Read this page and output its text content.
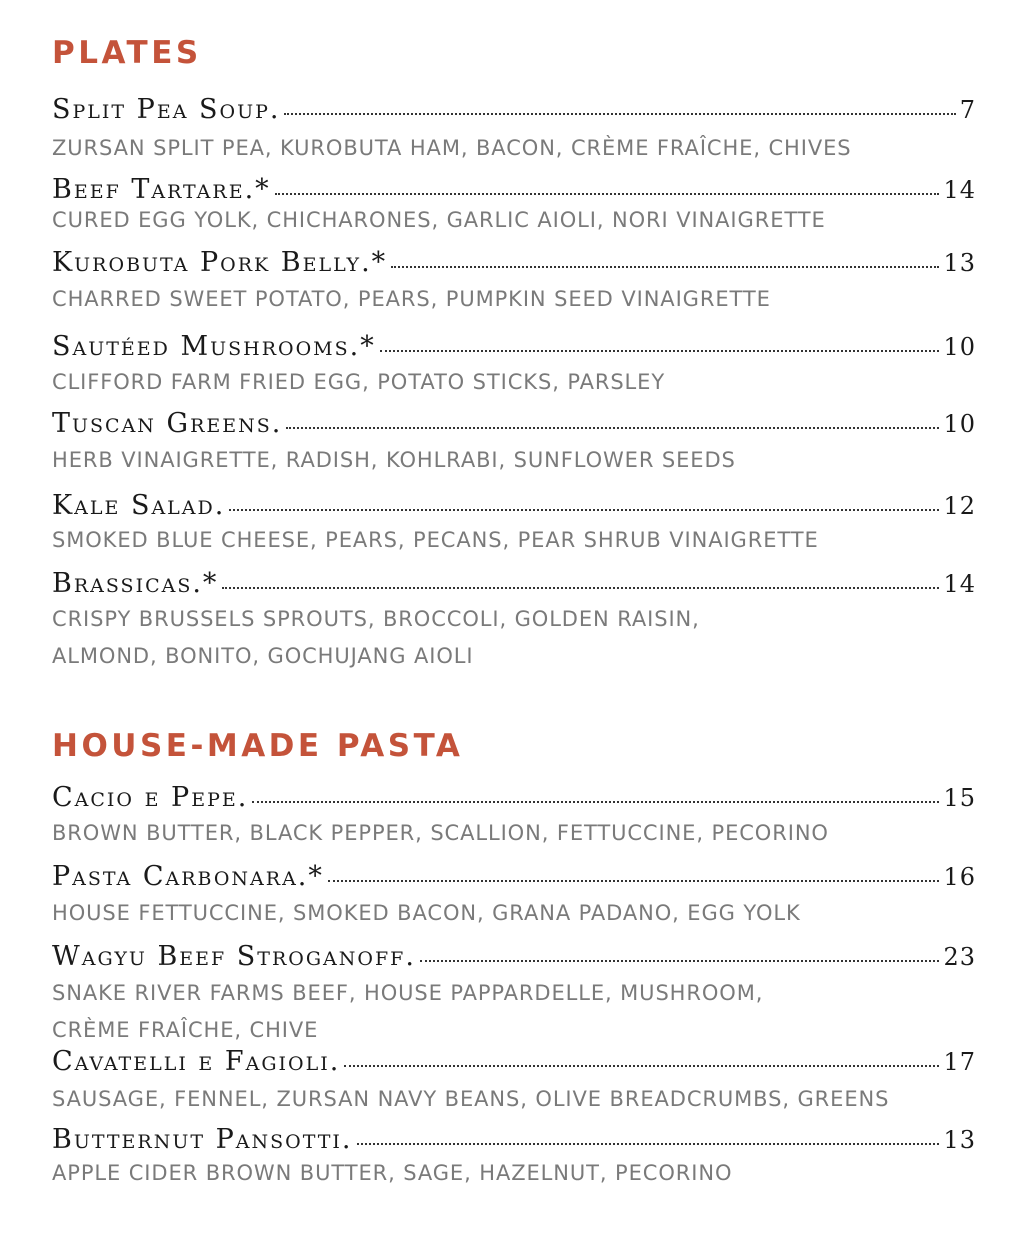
PLATES
Split Pea Soup.	7

ZURSAN SPLIT PEA, KUROBUTA HAM, BACON, CRÈME FRAÎCHE, CHIVES

Beef Tartare.*	14

CURED EGG YOLK, CHICHARONES, GARLIC AIOLI, NORI VINAIGRETTE

Kurobuta Pork Belly.*	13

CHARRED SWEET POTATO, PEARS, PUMPKIN SEED VINAIGRETTE

Sautéed Mushrooms.*	10

CLIFFORD FARM FRIED EGG, POTATO STICKS, PARSLEY

Tuscan Greens.	10

HERB VINAIGRETTE, RADISH, KOHLRABI, SUNFLOWER SEEDS

Kale Salad.	12

SMOKED BLUE CHEESE, PEARS, PECANS, PEAR SHRUB VINAIGRETTE

Brassicas.*	14

CRISPY BRUSSELS SPROUTS, BROCCOLI, GOLDEN RAISIN,

ALMOND, BONITO, GOCHUJANG AIOLI

HOUSE-MADE PASTA
Cacio e Pepe.	15

BROWN BUTTER, BLACK PEPPER, SCALLION, FETTUCCINE, PECORINO

Pasta Carbonara.*	16

HOUSE FETTUCCINE, SMOKED BACON, GRANA PADANO, EGG YOLK

Wagyu Beef Stroganoff.	23

SNAKE RIVER FARMS BEEF, HOUSE PAPPARDELLE, MUSHROOM,

CRÈME FRAÎCHE, CHIVE

Cavatelli e Fagioli.	17

SAUSAGE, FENNEL, ZURSAN NAVY BEANS, OLIVE BREADCRUMBS, GREENS

Butternut Pansotti.	13

APPLE CIDER BROWN BUTTER, SAGE, HAZELNUT, PECORINO
